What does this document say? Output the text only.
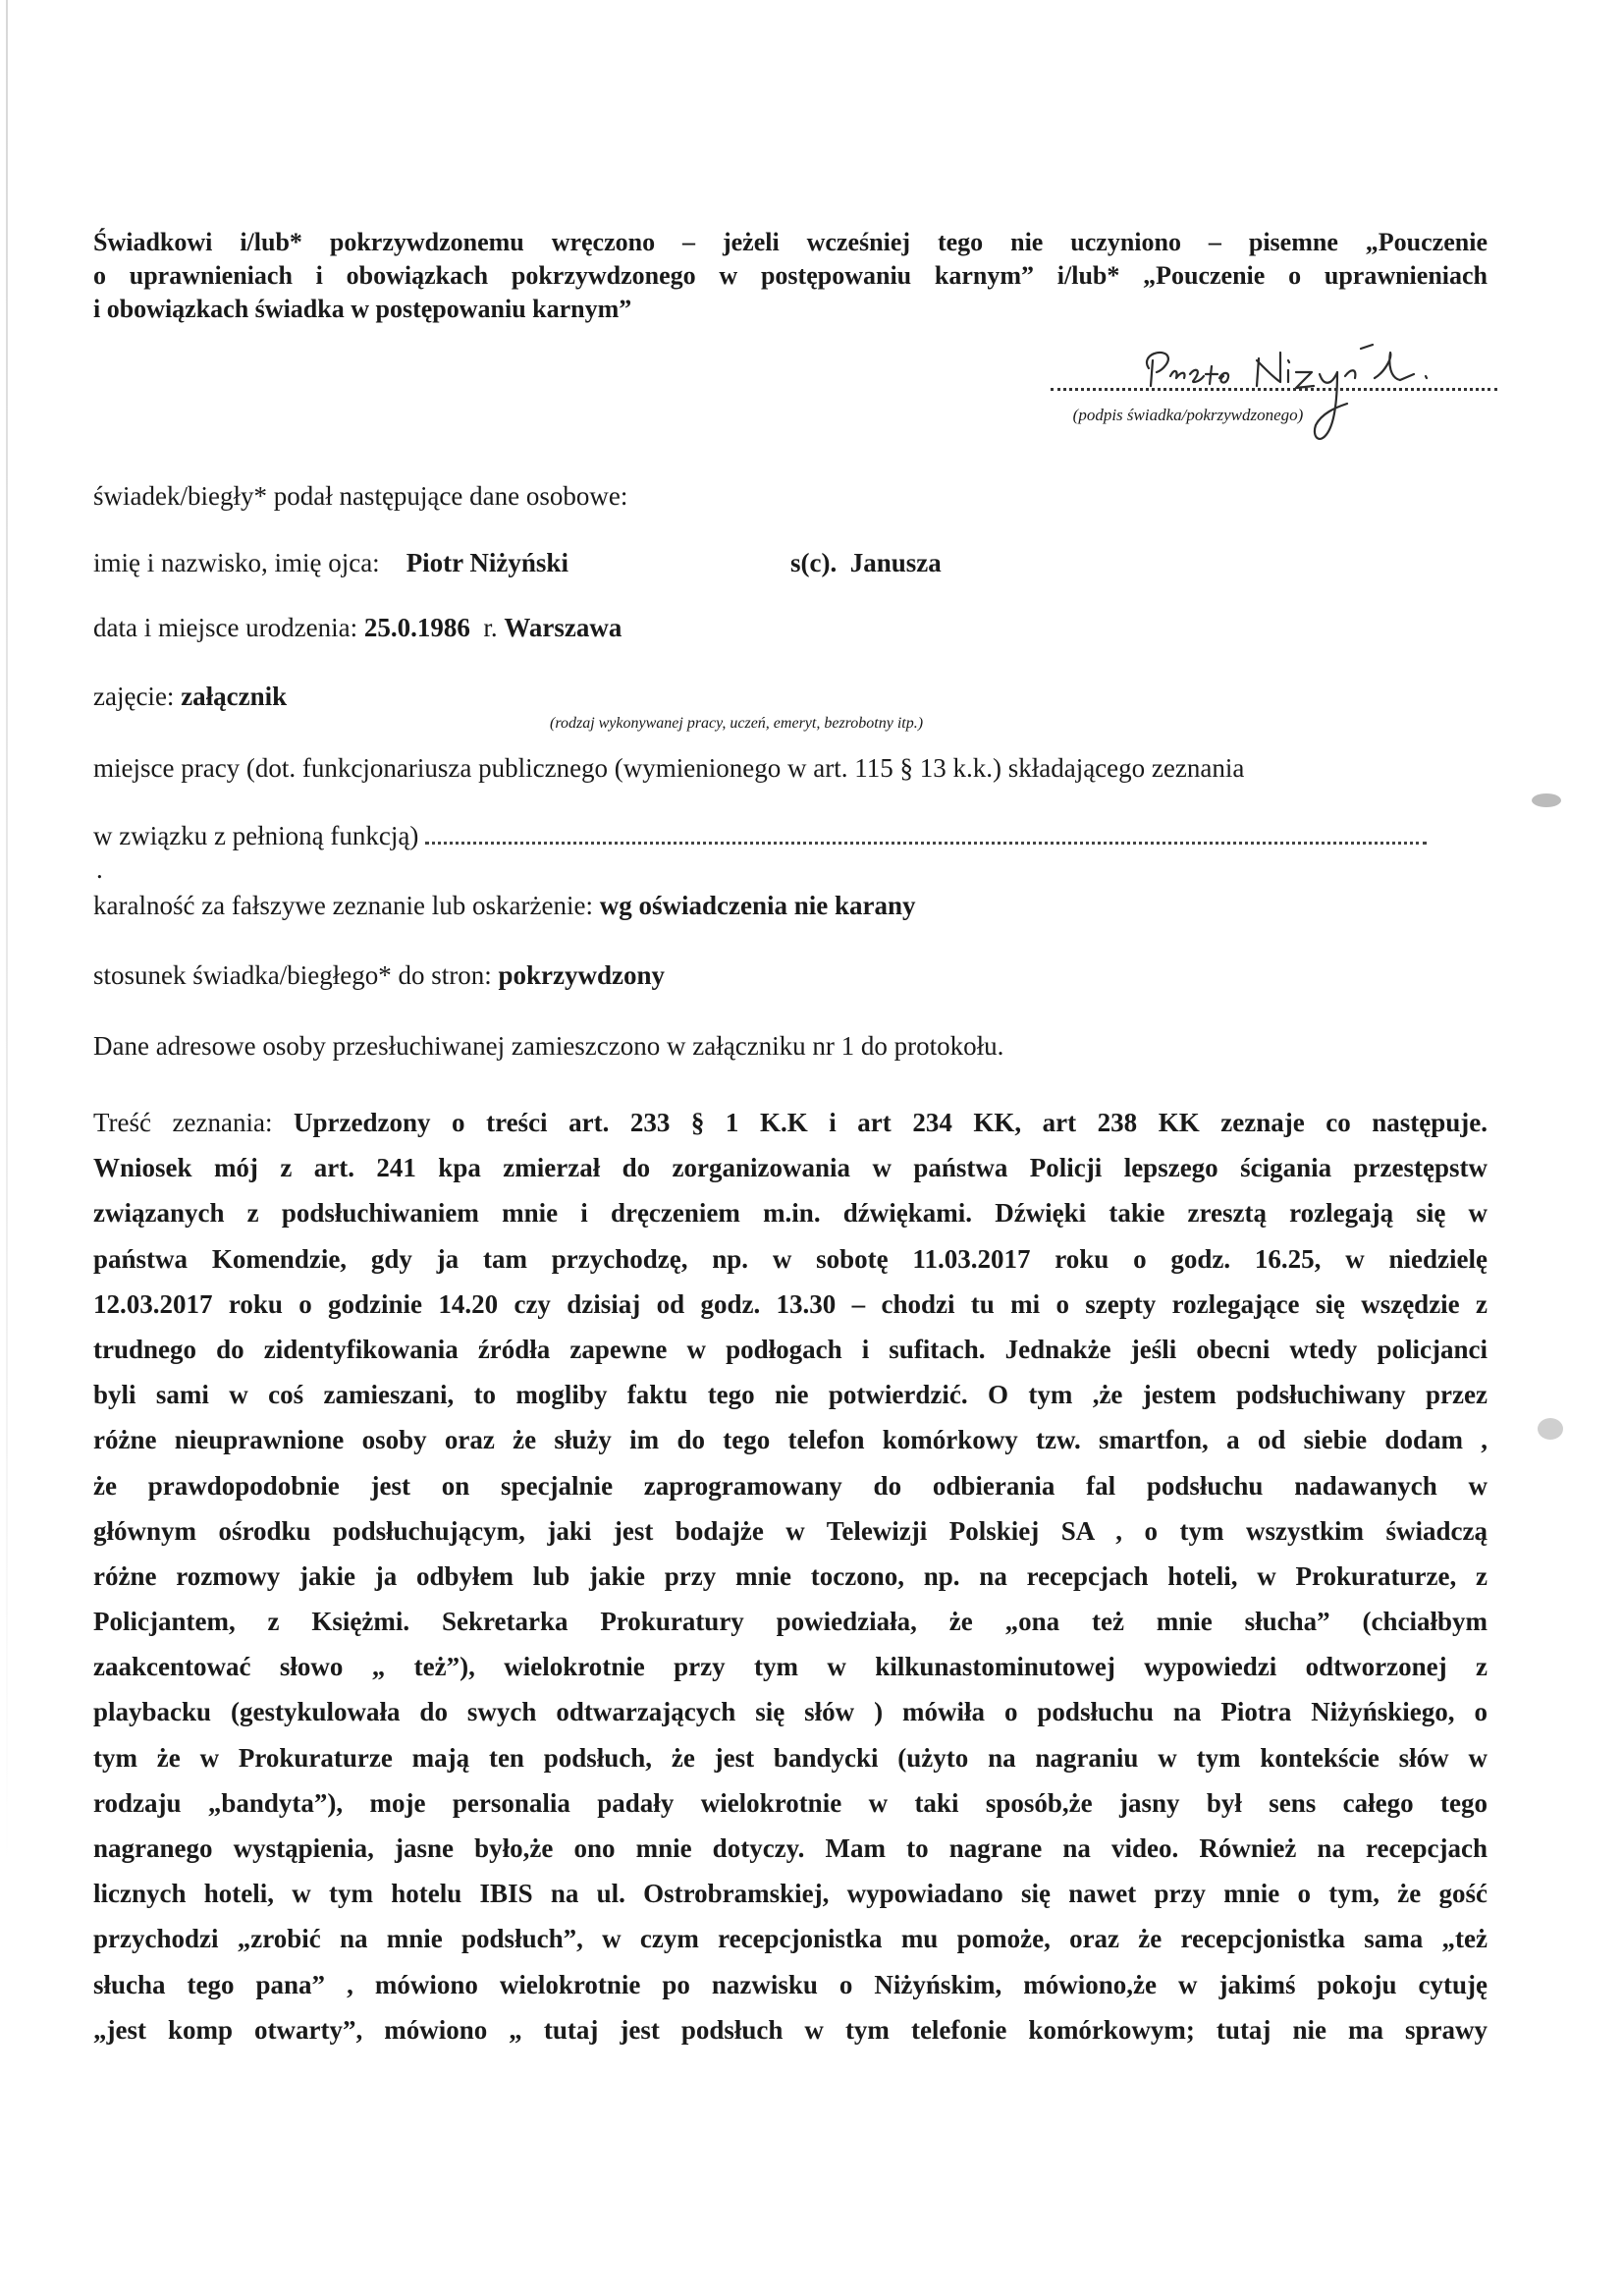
Świadkowi i/lub* pokrzywdzonemu wręczono – jeżeli wcześniej tego nie uczyniono – pisemne „Pouczenie
o uprawnieniach i obowiązkach pokrzywdzonego w postępowaniu karnym” i/lub* „Pouczenie o uprawnieniach
i obowiązkach świadka w postępowaniu karnym”
(podpis świadka/pokrzywdzonego)
świadek/biegły* podał następujące dane osobowe:
imię i nazwisko, imię ojca: Piotr Niżyński	s(c). Janusza
data i miejsce urodzenia: 25.0.1986 r. Warszawa
zajęcie: załącznik
(rodzaj wykonywanej pracy, uczeń, emeryt, bezrobotny itp.)
miejsce pracy (dot. funkcjonariusza publicznego (wymienionego w art. 115 § 13 k.k.) składającego zeznania
w związku z pełnioną funkcją)
.
karalność za fałszywe zeznanie lub oskarżenie: wg oświadczenia nie karany
stosunek świadka/biegłego* do stron: pokrzywdzony
Dane adresowe osoby przesłuchiwanej zamieszczono w załączniku nr 1 do protokołu.
Treść zeznania: Uprzedzony o treści art. 233 § 1 K.K i art 234 KK, art 238 KK zeznaje co następuje.
Wniosek mój z art. 241 kpa zmierzał do zorganizowania w państwa Policji lepszego ścigania przestępstw
związanych z podsłuchiwaniem mnie i dręczeniem m.in. dźwiękami. Dźwięki takie zresztą rozlegają się w
państwa Komendzie, gdy ja tam przychodzę, np. w sobotę 11.03.2017 roku o godz. 16.25, w niedzielę
12.03.2017 roku o godzinie 14.20 czy dzisiaj od godz. 13.30 – chodzi tu mi o szepty rozlegające się wszędzie z
trudnego do zidentyfikowania źródła zapewne w podłogach i sufitach. Jednakże jeśli obecni wtedy policjanci
byli sami w coś zamieszani, to mogliby faktu tego nie potwierdzić. O tym ,że jestem podsłuchiwany przez
różne nieuprawnione osoby oraz że służy im do tego telefon komórkowy tzw. smartfon, a od siebie dodam ,
że prawdopodobnie jest on specjalnie zaprogramowany do odbierania fal podsłuchu nadawanych w
głównym ośrodku podsłuchującym, jaki jest bodajże w Telewizji Polskiej SA , o tym wszystkim świadczą
różne rozmowy jakie ja odbyłem lub jakie przy mnie toczono, np. na recepcjach hoteli, w Prokuraturze, z
Policjantem, z Księżmi. Sekretarka Prokuratury powiedziała, że „ona też mnie słucha” (chciałbym
zaakcentować słowo „ też”), wielokrotnie przy tym w kilkunastominutowej wypowiedzi odtworzonej z
playbacku (gestykulowała do swych odtwarzających się słów ) mówiła o podsłuchu na Piotra Niżyńskiego, o
tym że w Prokuraturze mają ten podsłuch, że jest bandycki (użyto na nagraniu w tym kontekście słów w
rodzaju „bandyta”), moje personalia padały wielokrotnie w taki sposób,że jasny był sens całego tego
nagranego wystąpienia, jasne było,że ono mnie dotyczy. Mam to nagrane na video. Również na recepcjach
licznych hoteli, w tym hotelu IBIS na ul. Ostrobramskiej, wypowiadano się nawet przy mnie o tym, że gość
przychodzi „zrobić na mnie podsłuch”, w czym recepcjonistka mu pomoże, oraz że recepcjonistka sama „też
słucha tego pana” , mówiono wielokrotnie po nazwisku o Niżyńskim, mówiono,że w jakimś pokoju cytuję
„jest komp otwarty”, mówiono „ tutaj jest podsłuch w tym telefonie komórkowym; tutaj nie ma sprawy
